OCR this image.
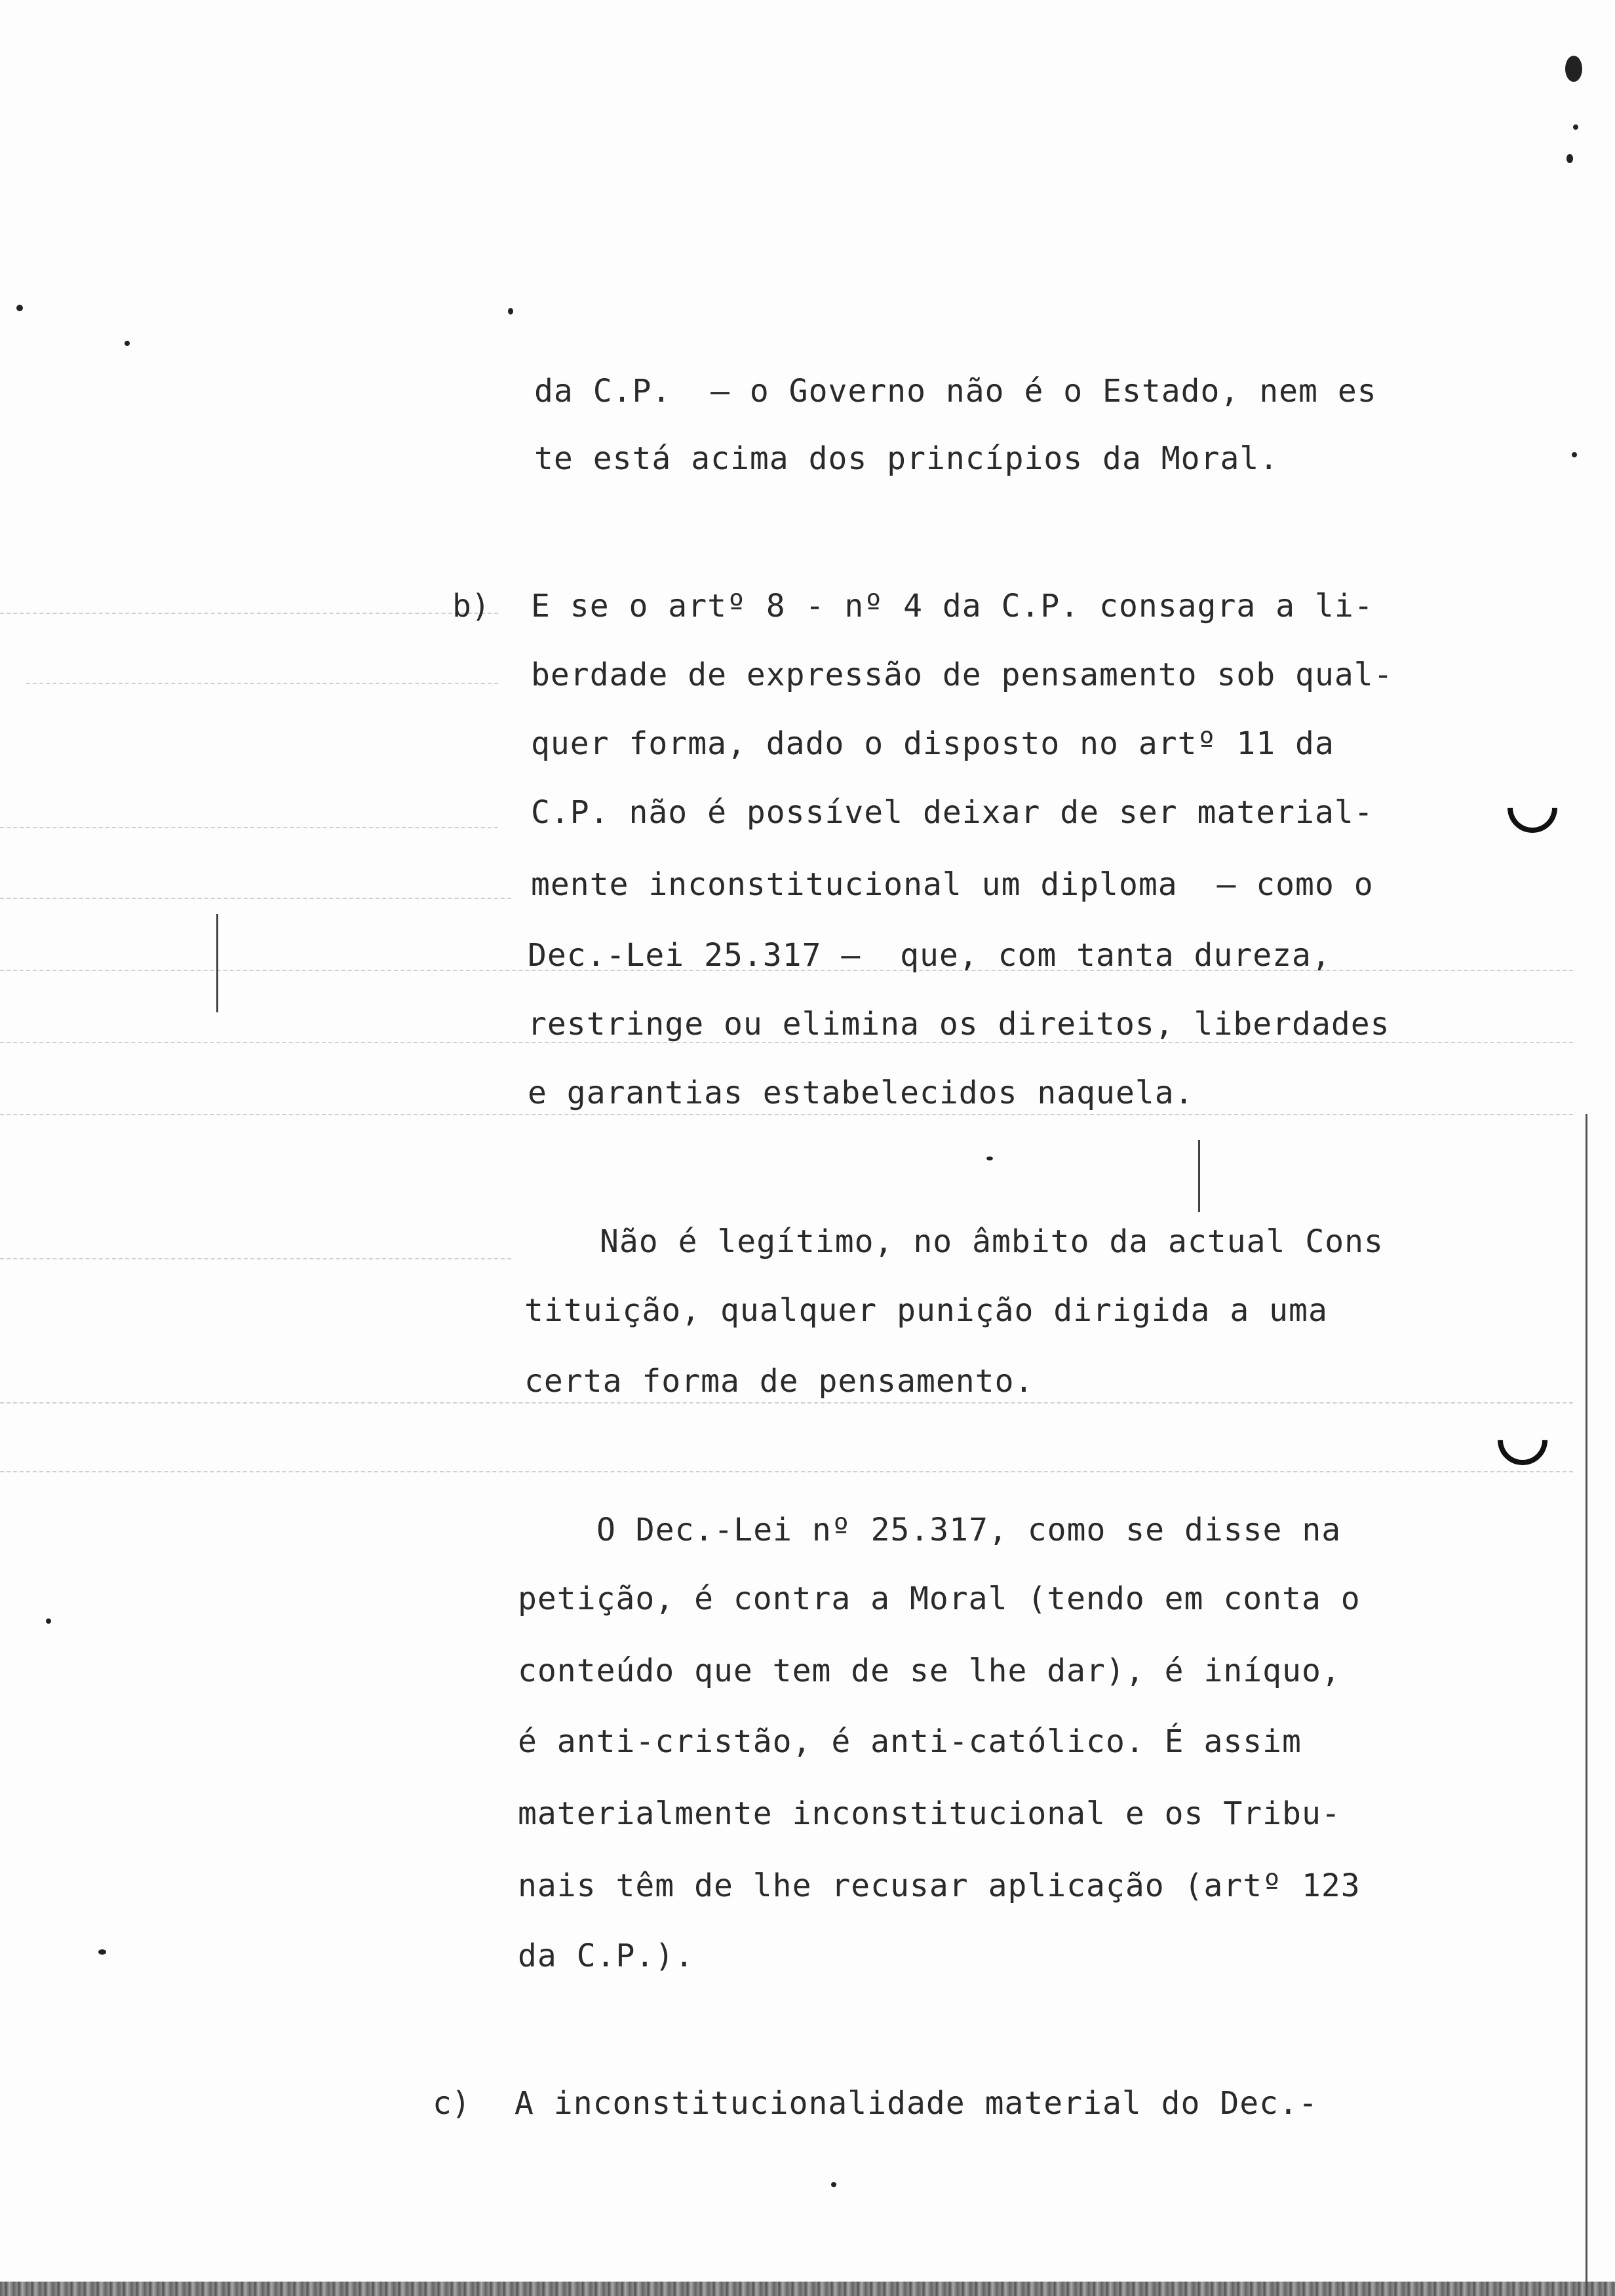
da C.P.  — o Governo não é o Estado, nem es
te está acima dos princípios da Moral.
b) E se o artº 8 - nº 4 da C.P. consagra a li-
berdade de expressão de pensamento sob qual-
quer forma, dado o disposto no artº 11 da
C.P. não é possível deixar de ser material-
mente inconstitucional um diploma  — como o
Dec.-Lei 25.317 —  que, com tanta dureza,
restringe ou elimina os direitos, liberdades
e garantias estabelecidos naquela.
Não é legítimo, no âmbito da actual Cons
tituição, qualquer punição dirigida a uma
certa forma de pensamento.
O Dec.-Lei nº 25.317, como se disse na
petição, é contra a Moral (tendo em conta o
conteúdo que tem de se lhe dar), é iníquo,
é anti-cristão, é anti-católico. É assim
materialmente inconstitucional e os Tribu-
nais têm de lhe recusar aplicação (artº 123
da C.P.).
c) A inconstitucionalidade material do Dec.-
